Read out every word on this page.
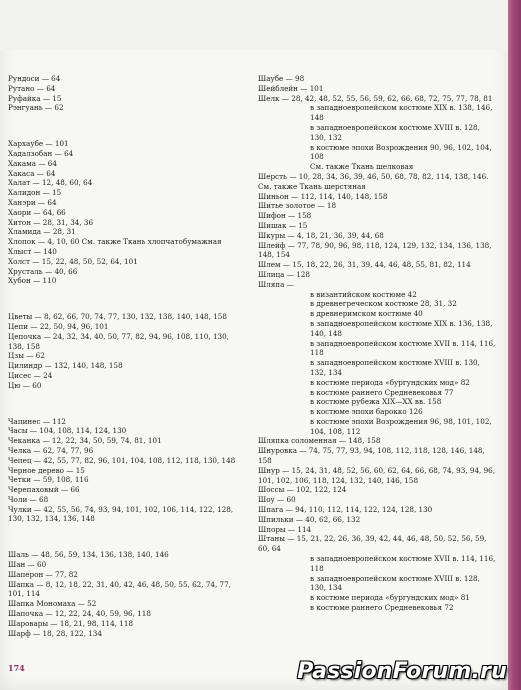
Рундоси — 64
Рутано — 64
Руфайка — 15
Рэнгуань — 62
Хархаубе — 101
Хадалзобан — 64
Хакама — 64
Хакаса — 64
Халат — 12, 48, 60, 64
Халидон — 15
Ханэри — 64
Хаори — 64, 66
Хитон — 28, 31, 34, 36
Хламида — 28, 31
Хлопок — 4, 10, 60 См. также Ткань хлопчатобумажная
Хлыст — 140
Холст — 15, 22, 48, 50, 52, 64, 101
Хрусталь — 40, 66
Хубон — 110
Цветы — 8, 62, 66, 70, 74, 77, 130, 132, 138, 140, 148, 158
Цепи — 22, 50, 94, 96, 101
Цепочка — 24, 32, 34, 40, 50, 77, 82, 94, 96, 108, 110, 130, 138, 158
Цзы — 62
Цилиндр — 132, 140, 148, 158
Цисес — 24
Цю — 60
Чапинес — 112
Часы — 104, 108, 114, 124, 130
Чеканка — 12, 22, 34, 50, 59, 74, 81, 101
Челка — 62, 74, 77, 96
Чепец — 42, 55, 77, 82, 96, 101, 104, 108, 112, 118, 130, 148
Черное дерево — 15
Четки — 59, 108, 116
Черепаховый — 66
Чоли — 68
Чулки — 42, 55, 56, 74, 93, 94, 101, 102, 106, 114, 122, 128, 130, 132, 134, 136, 148
Шаль — 48, 56, 59, 134, 136, 138, 140, 146
Шан — 60
Шаперон — 77, 82
Шапка — 8, 12, 18, 22, 31, 40, 42, 46, 48, 50, 55, 62, 74, 77, 101, 114
Шапка Мономаха — 52
Шапочка — 12, 22, 24, 40, 59, 96, 118
Шаровары — 18, 21, 98, 114, 118
Шарф — 18, 28, 122, 134
Шаубе — 98
Шейблейн — 101
Шелк — 28, 42, 48, 52, 55, 56, 59, 62, 66, 68, 72, 75, 77, 78, 81
в западноевропейском костюме XIX в. 138, 146, 148
в западноевропейском костюме XVIII в. 128, 130, 132
в костюме эпохи Возрождения 90, 96, 102, 104, 108
См. также Ткань шелковая
Шерсть — 10, 28, 34, 36, 39, 46, 50, 68, 78, 82, 114, 138, 146. См. также Ткань шерстяная
Шиньон — 112, 114, 140, 148, 158
Шитье золотое — 18
Шифон — 158
Шишак — 15
Шкуры — 4, 18, 21, 36, 39, 44, 68
Шлейф — 77, 78, 90, 96, 98, 118, 124, 129, 132, 134, 136, 138, 148, 154
Шлем — 15, 18, 22, 26, 31, 39, 44, 46, 48, 55, 81, 82, 114
Шлица — 128
Шляпа —
в византийском костюме 42
в древнегреческом костюме 28, 31, 32
в древнеримском костюме 40
в западноевропейском костюме XIX в. 136, 138, 140, 148
в западноевропейском костюме XVII в. 114, 116, 118
в западноевропейском костюме XVIII в. 130, 132, 134
в костюме периода «бургундских мод» 82
в костюме раннего Средневековья 77
в костюме рубежа XIX—XX вв. 158
в костюме эпохи барокко 126
в костюме эпохи Возрождения 96, 98, 101, 102, 104, 108, 112
Шляпка соломенная — 148, 158
Шнуровка — 74, 75, 77, 93, 94, 108, 112, 118, 128, 146, 148, 158
Шнур — 15, 24, 31, 48, 52, 56, 60, 62, 64, 66, 68, 74, 93, 94, 96, 101, 102, 106, 118, 124, 132, 140, 146, 158
Шоссы — 102, 122, 124
Шоу — 60
Шпага — 94, 110, 112, 114, 122, 124, 128, 130
Шпильки — 40, 62, 66, 132
Шпоры — 114
Штаны — 15, 21, 22, 26, 36, 39, 42, 44, 46, 48, 50, 52, 56, 59, 60, 64
в западноевропейском костюме XVII в. 114, 116, 118
в западноевропейском костюме XVIII в. 128, 130, 134
в костюме периода «бургундских мод» 81
в костюме раннего Средневековья 72
174	PassionForum.ru
